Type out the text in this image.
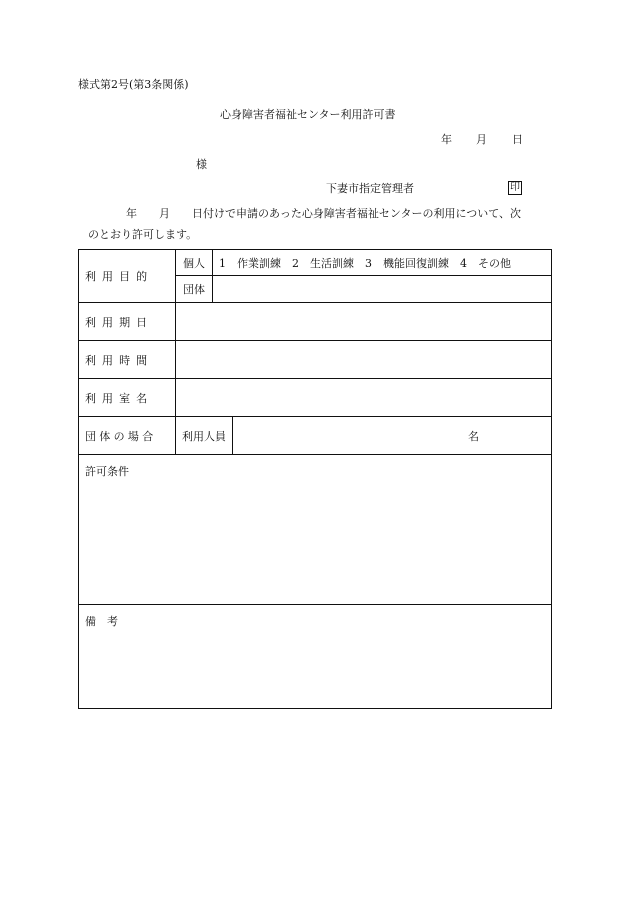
様式第2号(第3条関係)
心身障害者福祉センター利用許可書
年 月 日
様
下妻市指定管理者	印
年　　月　　日付けで申請のあった心身障害者福祉センターの利用について、次
のとおり許可します。
利用目的	個人	1　作業訓練　2　生活訓練　3　機能回復訓練　4　その他	
	団体		
利用期日			
利用時間			
利用室名			
団体の場合	利用人員		名
許可条件			
備　考			
